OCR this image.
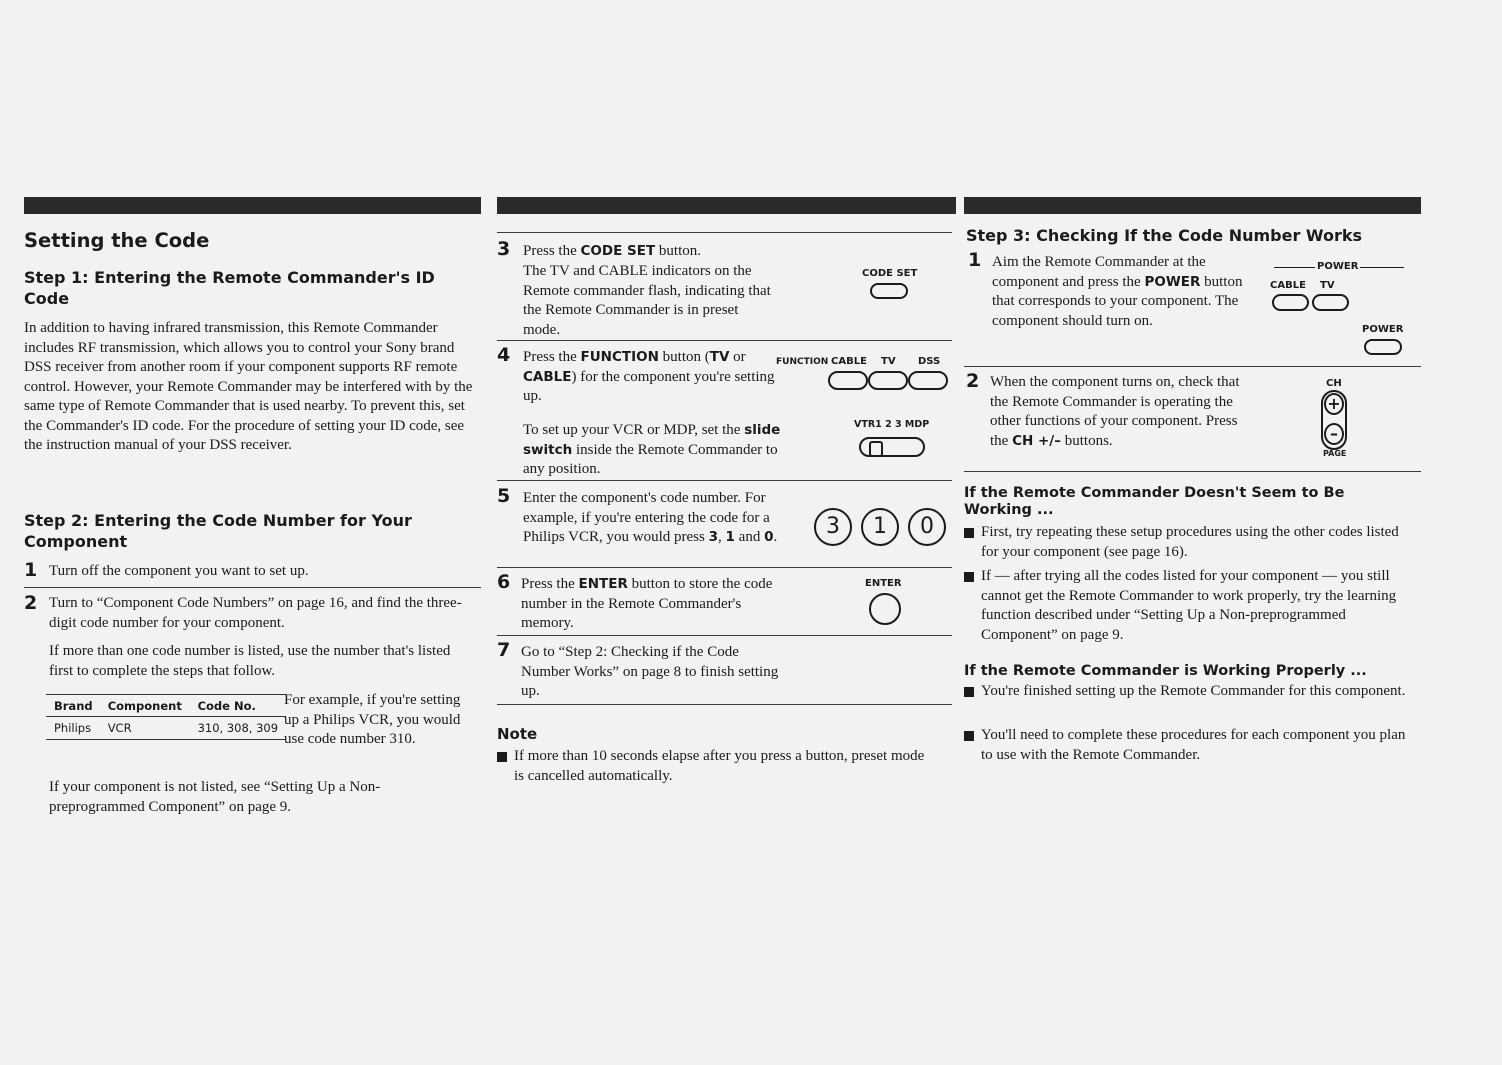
Setting the Code
Step 1: Entering the Remote Commander's ID Code

In addition to having infrared transmission, this Remote Commander includes RF transmission, which allows you to control your Sony brand DSS receiver from another room if your component supports RF remote control. However, your Remote Commander may be interfered with by the same type of Remote Commander that is used nearby. To prevent this, set the Commander's ID code. For the procedure of setting your ID code, see the instruction manual of your DSS receiver.

Step 2: Entering the Code Number for Your Component
1 Turn off the component you want to set up.

2 Turn to “Component Code Numbers” on page 16, and find the three-digit code number for your component.

If more than one code number is listed, use the number that's listed first to complete the steps that follow.

Brand	Component	Code No.
Philips	VCR	310, 308, 309

For example, if you're setting up a Philips VCR, you would use code number 310.

If your component is not listed, see “Setting Up a Non-preprogrammed Component” on page 9.

3 Press the CODE SET button.

The TV and CABLE indicators on the Remote commander flash, indicating that the Remote Commander is in preset mode.

CODE SET
4 Press the FUNCTION button (TV or CABLE) for the component you're setting up.

FUNCTION CABLE TV DSS

To set up your VCR or MDP, set the slide switch inside the Remote Commander to any position.

VTR1 2 3 MDP
5 Enter the component's code number. For example, if you're entering the code for a Philips VCR, you would press 3, 1 and 0.	3	1	0
6 Press the ENTER button to store the code number in the Remote Commander's memory.

ENTER
7 Go to “Step 2: Checking if the Code Number Works” on page 8 to finish setting up.

Note

If more than 10 seconds elapse after you press a button, preset mode is cancelled automatically.

Step 3: Checking If the Code Number Works
1 Aim the Remote Commander at the component and press the POWER button that corresponds to your component. The component should turn on.

POWER
CABLE TV
POWER
2 When the component turns on, check that the Remote Commander is operating the other functions of your component. Press the CH +/– buttons.

CH
+
–
PAGE
If the Remote Commander Doesn't Seem to Be Working ...

First, try repeating these setup procedures using the other codes listed for your component (see page 16).

If — after trying all the codes listed for your component — you still cannot get the Remote Commander to work properly, try the learning function described under “Setting Up a Non-preprogrammed Component” on page 9.

If the Remote Commander is Working Properly ...

You're finished setting up the Remote Commander for this component.

You'll need to complete these procedures for each component you plan to use with the Remote Commander.
